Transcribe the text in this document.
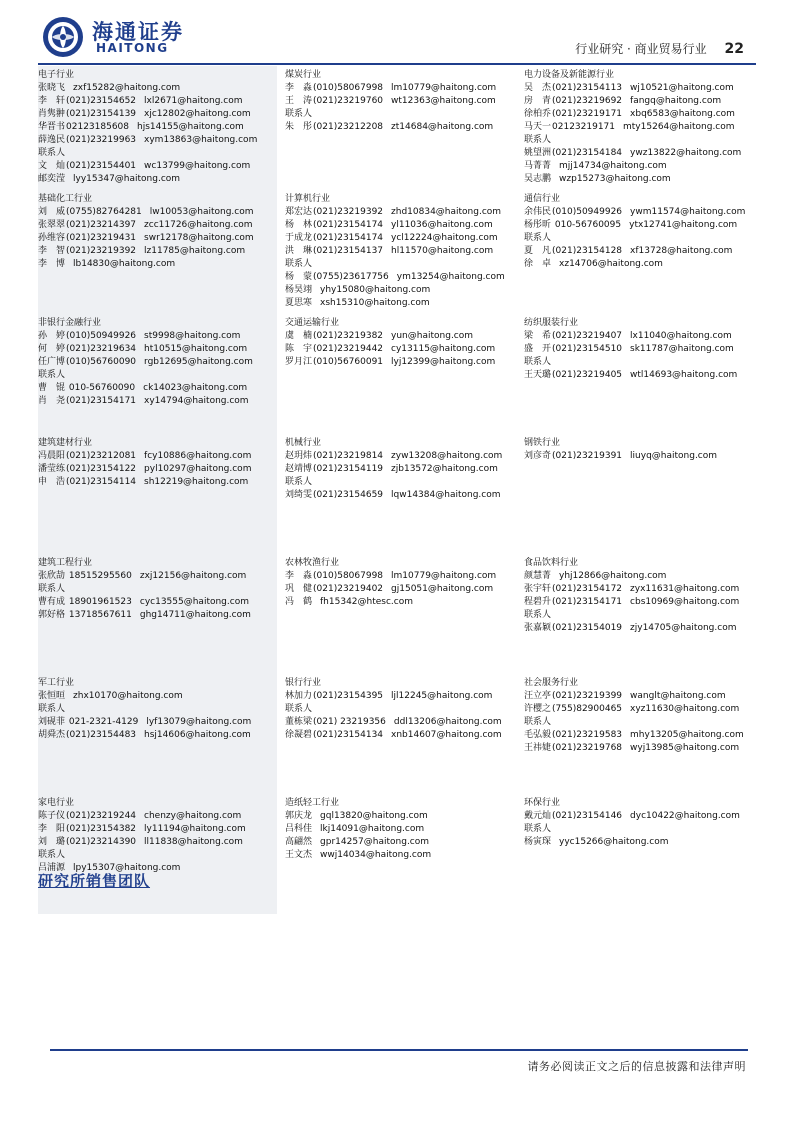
海通证券
HAITONG	行业研究 · 商业贸易行业 22
电子行业
张晓飞 zxf15282@haitong.com
李　轩(021)23154652 lxl2671@haitong.com
肖隽翀(021)23154139 xjc12802@haitong.com
华晋书02123185608 hjs14155@haitong.com
薛逸民(021)23219963 xym13863@haitong.com
联系人
文　灿(021)23154401 wc13799@haitong.com
邮奕滢 lyy15347@haitong.com
煤炭行业
李　淼(010)58067998 lm10779@haitong.com
王　涛(021)23219760 wt12363@haitong.com
联系人
朱　彤(021)23212208 zt14684@haitong.com
电力设备及新能源行业
吴　杰(021)23154113 wj10521@haitong.com
房　青(021)23219692 fangq@haitong.com
徐柏乔(021)23219171 xbq6583@haitong.com
马天一02123219171 mty15264@haitong.com
联系人
姚望洲(021)23154184 ywz13822@haitong.com
马菁菁 mjj14734@haitong.com
吴志鹏 wzp15273@haitong.com
基础化工行业
刘　威(0755)82764281 lw10053@haitong.com
张翠翠(021)23214397 zcc11726@haitong.com
孙维容(021)23219431 swr12178@haitong.com
李　智(021)23219392 lz11785@haitong.com
李　博 lb14830@haitong.com
计算机行业
郑宏达(021)23219392 zhd10834@haitong.com
杨　林(021)23154174 yl11036@haitong.com
于成龙(021)23154174 ycl12224@haitong.com
洪　琳(021)23154137 hl11570@haitong.com
联系人
杨　蒙(0755)23617756 ym13254@haitong.com
杨昊翊 yhy15080@haitong.com
夏思寒 xsh15310@haitong.com
通信行业
余伟民(010)50949926 ywm11574@haitong.com
杨彤昕 010-56760095 ytx12741@haitong.com
联系人
夏　凡(021)23154128 xf13728@haitong.com
徐　卓 xz14706@haitong.com
非银行金融行业
孙　婷(010)50949926 st9998@haitong.com
何　婷(021)23219634 ht10515@haitong.com
任广博(010)56760090 rgb12695@haitong.com
联系人
曹　锟 010-56760090 ck14023@haitong.com
肖　尧(021)23154171 xy14794@haitong.com
交通运输行业
虞　楠(021)23219382 yun@haitong.com
陈　宇(021)23219442 cy13115@haitong.com
罗月江(010)56760091 lyj12399@haitong.com
纺织服装行业
梁　希(021)23219407 lx11040@haitong.com
盛　开(021)23154510 sk11787@haitong.com
联系人
王天璐(021)23219405 wtl14693@haitong.com
建筑建材行业
冯晨阳(021)23212081 fcy10886@haitong.com
潘莹练(021)23154122 pyl10297@haitong.com
申　浩(021)23154114 sh12219@haitong.com
机械行业
赵玥炜(021)23219814 zyw13208@haitong.com
赵靖博(021)23154119 zjb13572@haitong.com
联系人
刘绮雯(021)23154659 lqw14384@haitong.com
钢铁行业
刘彦奇(021)23219391 liuyq@haitong.com
建筑工程行业
张欣劼 18515295560 zxj12156@haitong.com
联系人
曹有成 18901961523 cyc13555@haitong.com
郭好格 13718567611 ghg14711@haitong.com
农林牧渔行业
李　淼(010)58067998 lm10779@haitong.com
巩　健(021)23219402 gj15051@haitong.com
冯　鹤 fh15342@htesc.com
食品饮料行业
颜慧菁 yhj12866@haitong.com
张宇轩(021)23154172 zyx11631@haitong.com
程碧升(021)23154171 cbs10969@haitong.com
联系人
张嘉颖(021)23154019 zjy14705@haitong.com
军工行业
张恒晅 zhx10170@haitong.com
联系人
刘砚菲 021-2321-4129 lyf13079@haitong.com
胡舜杰(021)23154483 hsj14606@haitong.com
银行行业
林加力(021)23154395 ljl12245@haitong.com
联系人
董栋梁(021) 23219356 ddl13206@haitong.com
徐凝碧(021)23154134 xnb14607@haitong.com
社会服务行业
汪立亭(021)23219399 wanglt@haitong.com
许樱之(755)82900465 xyz11630@haitong.com
联系人
毛弘毅(021)23219583 mhy13205@haitong.com
王祎婕(021)23219768 wyj13985@haitong.com
家电行业
陈子仪(021)23219244 chenzy@haitong.com
李　阳(021)23154382 ly11194@haitong.com
刘　璐(021)23214390 ll11838@haitong.com
联系人
吕浦源 lpy15307@haitong.com
造纸轻工行业
郭庆龙 gql13820@haitong.com
吕科佳 lkj14091@haitong.com
高翩然 gpr14257@haitong.com
王文杰 wwj14034@haitong.com
环保行业
戴元灿(021)23154146 dyc10422@haitong.com
联系人
杨寅琛 yyc15266@haitong.com
研究所销售团队
请务必阅读正文之后的信息披露和法律声明
